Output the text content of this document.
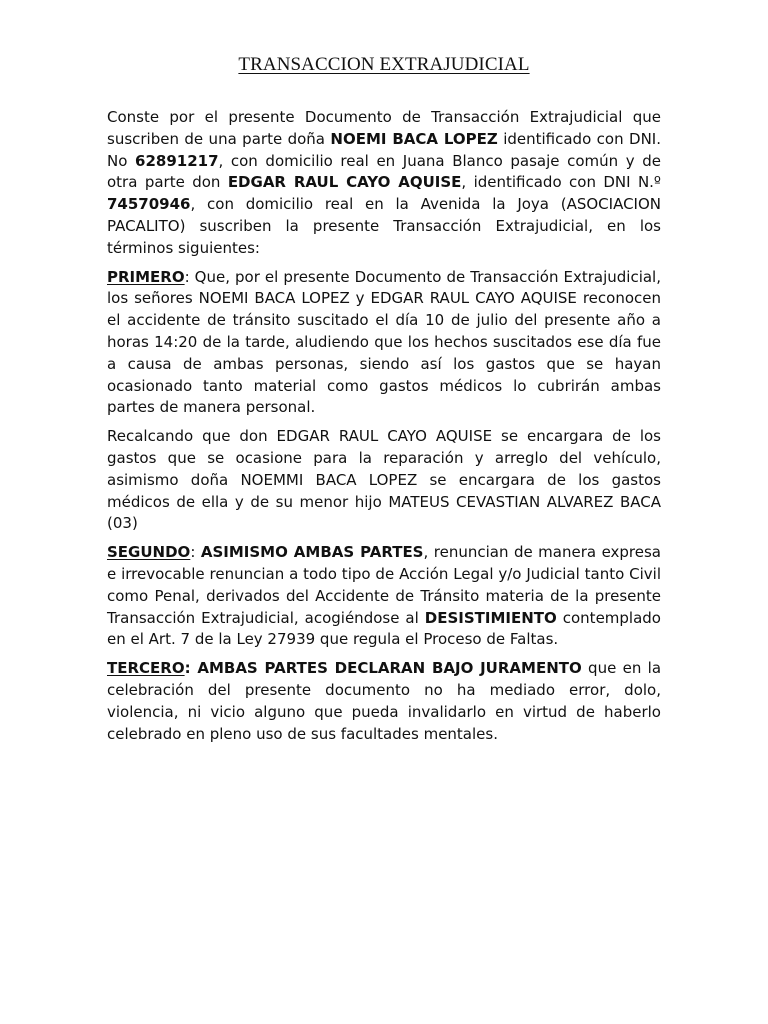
TRANSACCION EXTRAJUDICIAL

Conste por el presente Documento de Transacción Extrajudicial que suscriben de una parte doña NOEMI BACA LOPEZ identificado con DNI. No 62891217, con domicilio real en Juana Blanco pasaje común y de otra parte don EDGAR RAUL CAYO AQUISE, identificado con DNI N.º 74570946, con domicilio real en la Avenida la Joya (ASOCIACION PACALITO) suscriben la presente Transacción Extrajudicial, en los términos siguientes:

PRIMERO: Que, por el presente Documento de Transacción Extrajudicial, los señores NOEMI BACA LOPEZ y EDGAR RAUL CAYO AQUISE reconocen el accidente de tránsito suscitado el día 10 de julio del presente año a horas 14:20 de la tarde, aludiendo que los hechos suscitados ese día fue a causa de ambas personas, siendo así los gastos que se hayan ocasionado tanto material como gastos médicos lo cubrirán ambas partes de manera personal.

Recalcando que don EDGAR RAUL CAYO AQUISE se encargara de los gastos que se ocasione para la reparación y arreglo del vehículo, asimismo doña NOEMMI BACA LOPEZ se encargara de los gastos médicos de ella y de su menor hijo MATEUS CEVASTIAN ALVAREZ BACA (03)

SEGUNDO: ASIMISMO AMBAS PARTES, renuncian de manera expresa e irrevocable renuncian a todo tipo de Acción Legal y/o Judicial tanto Civil como Penal, derivados del Accidente de Tránsito materia de la presente Transacción Extrajudicial, acogiéndose al DESISTIMIENTO contemplado en el Art. 7 de la Ley 27939 que regula el Proceso de Faltas.

TERCERO: AMBAS PARTES DECLARAN BAJO JURAMENTO que en la celebración del presente documento no ha mediado error, dolo, violencia, ni vicio alguno que pueda invalidarlo en virtud de haberlo celebrado en pleno uso de sus facultades mentales.
